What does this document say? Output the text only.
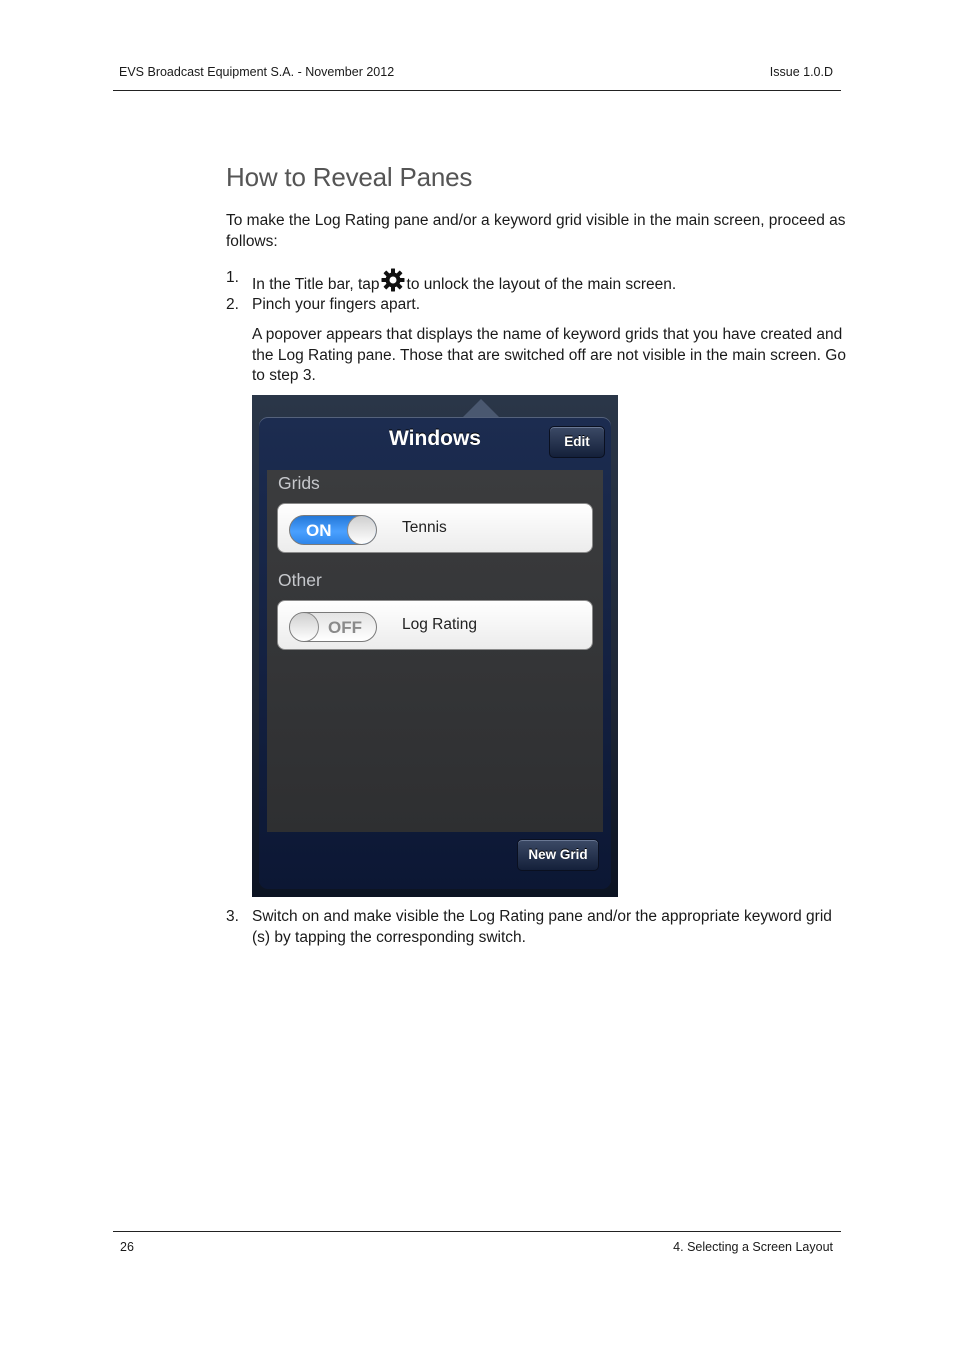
EVS Broadcast Equipment S.A. - November 2012	Issue 1.0.D
How to Reveal Panes

To make the Log Rating pane and/or a keyword grid visible in the main screen, proceed as follows:

1. In the Title bar, tap to unlock the layout of the main screen.
2. Pinch your fingers apart.
A popover appears that displays the name of keyword grids that you have created and the Log Rating pane. Those that are switched off are not visible in the main screen. Go to step 3.
Windows	Edit
Grids
ON	Tennis
Other
OFF	Log Rating
New Grid
3. Switch on and make visible the Log Rating pane and/or the appropriate keyword grid (s) by tapping the corresponding switch.
26	4. Selecting a Screen Layout
